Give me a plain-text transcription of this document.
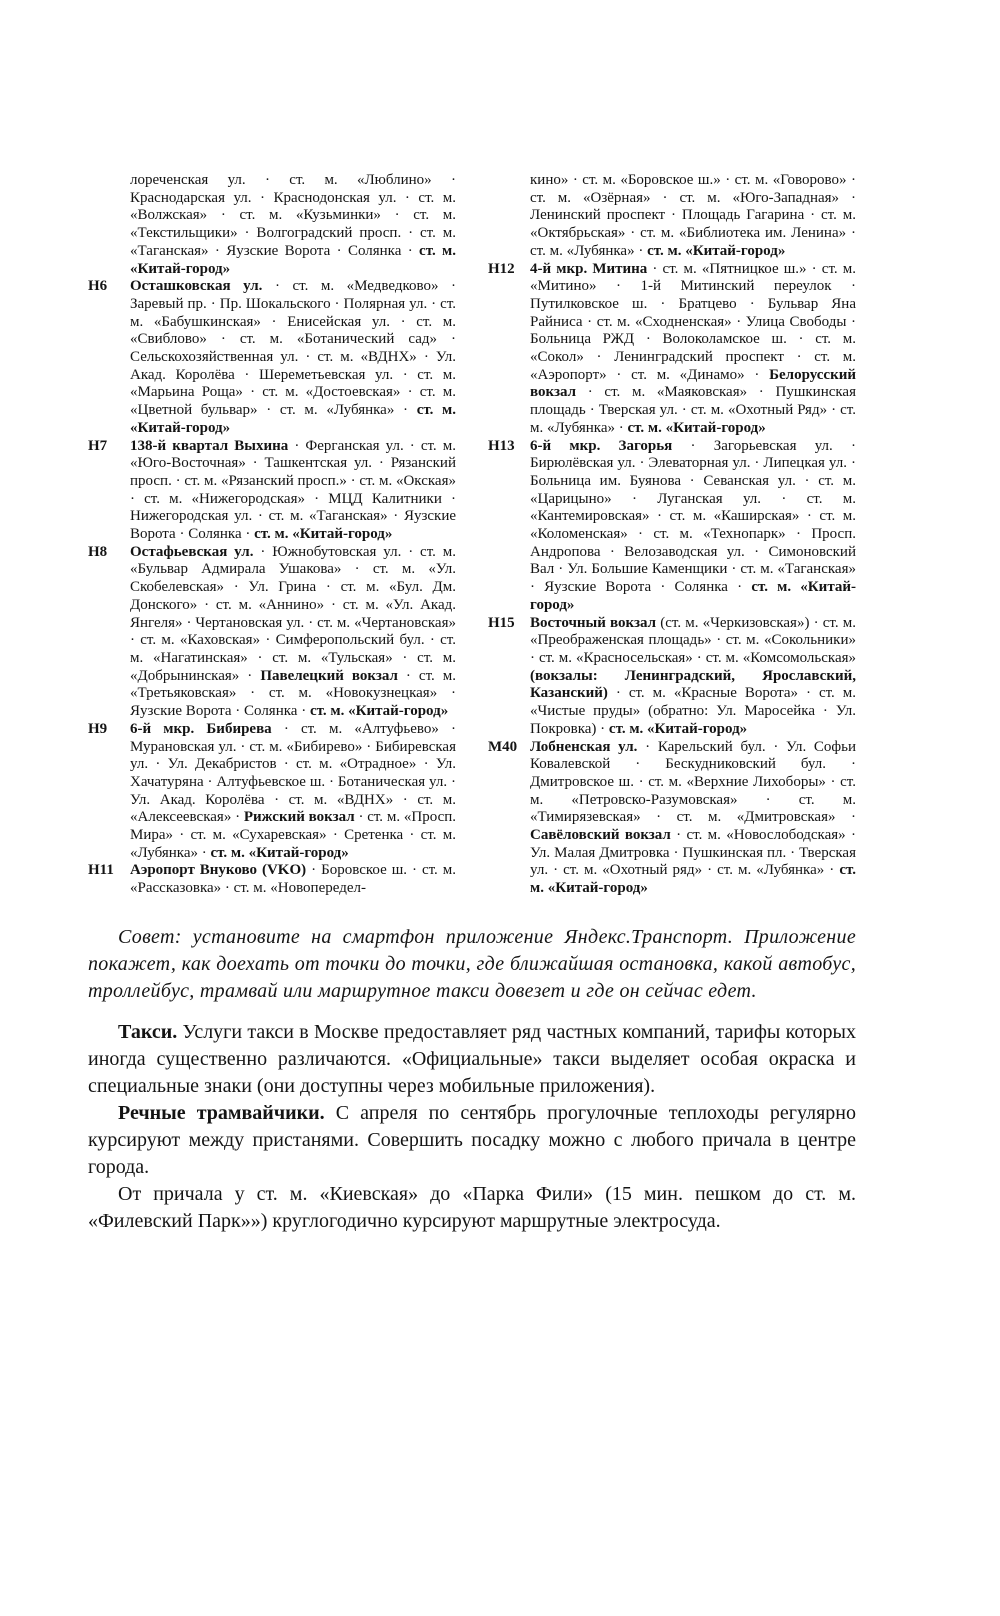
лореченская ул. · ст. м. «Люблино» · Краснодарская ул. · Краснодонская ул. · ст. м. «Волжская» · ст. м. «Кузьминки» · ст. м. «Текстильщики» · Волгоградский просп. · ст. м. «Таганская» · Яузские Ворота · Солянка · ст. м. «Китай-город»
Н6 Осташковская ул. · ст. м. «Медведково» · Заревый пр. · Пр. Шокальского · Полярная ул. · ст. м. «Бабушкинская» · Енисейская ул. · ст. м. «Свиблово» · ст. м. «Ботанический сад» · Сельскохозяйственная ул. · ст. м. «ВДНХ» · Ул. Акад. Королёва · Шереметьевская ул. · ст. м. «Марьина Роща» · ст. м. «Достоевская» · ст. м. «Цветной бульвар» · ст. м. «Лубянка» · ст. м. «Китай-город»
Н7 138-й квартал Выхина · Ферганская ул. · ст. м. «Юго-Восточная» · Ташкентская ул. · Рязанский просп. · ст. м. «Рязанский просп.» · ст. м. «Окская» · ст. м. «Нижегородская» · МЦД Калитники · Нижегородская ул. · ст. м. «Таганская» · Яузские Ворота · Солянка · ст. м. «Китай-город»
Н8 Остафьевская ул. · Южнобутовская ул. · ст. м. «Бульвар Адмирала Ушакова» · ст. м. «Ул. Скобелевская» · Ул. Грина · ст. м. «Бул. Дм. Донского» · ст. м. «Аннино» · ст. м. «Ул. Акад. Янгеля» · Чертановская ул. · ст. м. «Чертановская» · ст. м. «Каховская» · Симферопольский бул. · ст. м. «Нагатинская» · ст. м. «Тульская» · ст. м. «Добрынинская» · Павелецкий вокзал · ст. м. «Третьяковская» · ст. м. «Новокузнецкая» · Яузские Ворота · Солянка · ст. м. «Китай-город»
Н9 6-й мкр. Бибирева · ст. м. «Алтуфьево» · Мурановская ул. · ст. м. «Бибирево» · Бибиревская ул. · Ул. Декабристов · ст. м. «Отрадное» · Ул. Хачатуряна · Алтуфьевское ш. · Ботаническая ул. · Ул. Акад. Королёва · ст. м. «ВДНХ» · ст. м. «Алексеевская» · Рижский вокзал · ст. м. «Просп. Мира» · ст. м. «Сухаревская» · Сретенка · ст. м. «Лубянка» · ст. м. «Китай-город»
Н11 Аэропорт Внуково (VKO) · Боровское ш. · ст. м. «Рассказовка» · ст. м. «Новопередел-
кино» · ст. м. «Боровское ш.» · ст. м. «Говорово» · ст. м. «Озёрная» · ст. м. «Юго-Западная» · Ленинский проспект · Площадь Гагарина · ст. м. «Октябрьская» · ст. м. «Библиотека им. Ленина» · ст. м. «Лубянка» · ст. м. «Китай-город»
Н12 4-й мкр. Митина · ст. м. «Пятницкое ш.» · ст. м. «Митино» · 1-й Митинский переулок · Путилковское ш. · Братцево · Бульвар Яна Райниса · ст. м. «Сходненская» · Улица Свободы · Больница РЖД · Волоколамское ш. · ст. м. «Сокол» · Ленинградский проспект · ст. м. «Аэропорт» · ст. м. «Динамо» · Белорусский вокзал · ст. м. «Маяковская» · Пушкинская площадь · Тверская ул. · ст. м. «Охотный Ряд» · ст. м. «Лубянка» · ст. м. «Китай-город»
Н13 6-й мкр. Загорья · Загорьевская ул. · Бирюлёвская ул. · Элеваторная ул. · Липецкая ул. · Больница им. Буянова · Севанская ул. · ст. м. «Царицыно» · Луганская ул. · ст. м. «Кантемировская» · ст. м. «Каширская» · ст. м. «Коломенская» · ст. м. «Технопарк» · Просп. Андропова · Велозаводская ул. · Симоновский Вал · Ул. Большие Каменщики · ст. м. «Таганская» · Яузские Ворота · Солянка · ст. м. «Китай-город»
Н15 Восточный вокзал (ст. м. «Черкизовская») · ст. м. «Преображенская площадь» · ст. м. «Сокольники» · ст. м. «Красносельская» · ст. м. «Комсомольская» (вокзалы: Ленинградский, Ярославский, Казанский) · ст. м. «Красные Ворота» · ст. м. «Чистые пруды» (обратно: Ул. Маросейка · Ул. Покровка) · ст. м. «Китай-город»
М40 Лобненская ул. · Карельский бул. · Ул. Софьи Ковалевской · Бескудниковский бул. · Дмитровское ш. · ст. м. «Верхние Лихоборы» · ст. м. «Петровско-Разумовская» · ст. м. «Тимирязевская» · ст. м. «Дмитровская» · Савёловский вокзал · ст. м. «Новослободская» · Ул. Малая Дмитровка · Пушкинская пл. · Тверская ул. · ст. м. «Охотный ряд» · ст. м. «Лубянка» · ст. м. «Китай-город»

Совет: установите на смартфон приложение Яндекс.Транспорт. Приложение покажет, как доехать от точки до точки, где ближайшая остановка, какой автобус, троллейбус, трамвай или маршрутное такси довезет и где он сейчас едет.

Такси. Услуги такси в Москве предоставляет ряд частных компаний, тарифы которых иногда существенно различаются. «Официальные» такси выделяет особая окраска и специальные знаки (они доступны через мобильные приложения).

Речные трамвайчики. С апреля по сентябрь прогулочные теплоходы регулярно курсируют между пристанями. Совершить посадку можно с любого причала в центре города.

От причала у ст. м. «Киевская» до «Парка Фили» (15 мин. пешком до ст. м. «Филевский Парк»») круглогодично курсируют маршрутные электросуда.
